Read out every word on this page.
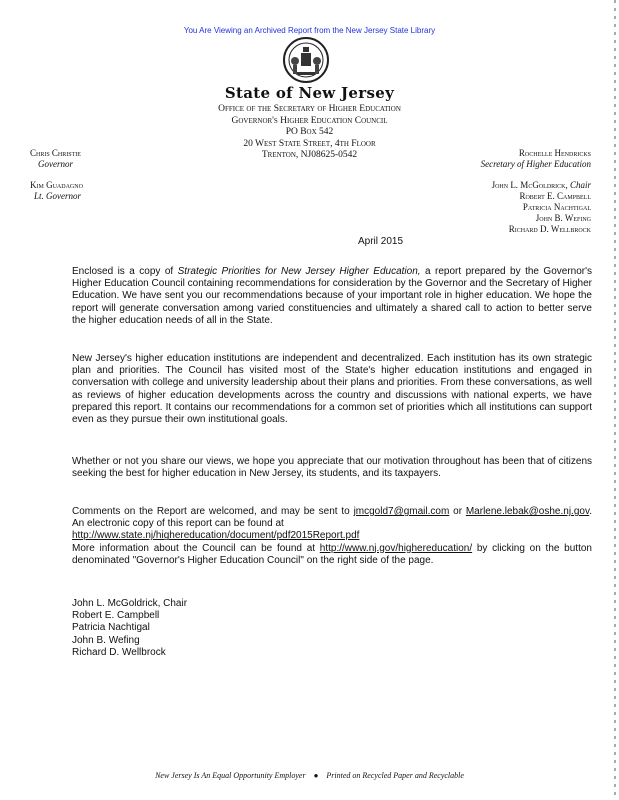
You Are Viewing an Archived Report from the New Jersey State Library
State of New Jersey
Office of the Secretary of Higher Education
Governor's Higher Education Council
PO Box 542
20 West State Street, 4th Floor
Trenton, NJ08625-0542
Chris Christie
Governor
Kim Guadagno
Lt. Governor
Rochelle Hendricks
Secretary of Higher Education
John L. McGoldrick, Chair
Robert E. Campbell
Patricia Nachtigal
John B. Wefing
Richard D. Wellbrock
April 2015
Enclosed is a copy of Strategic Priorities for New Jersey Higher Education, a report prepared by the Governor's Higher Education Council containing recommendations for consideration by the Governor and the Secretary of Higher Education. We have sent you our recommendations because of your important role in higher education. We hope the report will generate conversation among varied constituencies and ultimately a shared call to action to better serve the higher education needs of all in the State.
New Jersey's higher education institutions are independent and decentralized. Each institution has its own strategic plan and priorities. The Council has visited most of the State's higher education institutions and engaged in conversation with college and university leadership about their plans and priorities. From these conversations, as well as reviews of higher education developments across the country and discussions with national experts, we have prepared this report. It contains our recommendations for a common set of priorities which all institutions can support even as they pursue their own institutional goals.
Whether or not you share our views, we hope you appreciate that our motivation throughout has been that of citizens seeking the best for higher education in New Jersey, its students, and its taxpayers.
Comments on the Report are welcomed, and may be sent to jmcgold7@gmail.com or Marlene.lebak@oshe.nj.gov. An electronic copy of this report can be found at
http://www.state.nj/highereducation/document/pdf2015Report.pdf
More information about the Council can be found at http://www.nj.gov/highereducation/ by clicking on the button denominated "Governor's Higher Education Council" on the right side of the page.
John L. McGoldrick, Chair
Robert E. Campbell
Patricia Nachtigal
John B. Wefing
Richard D. Wellbrock
New Jersey Is An Equal Opportunity Employer ● Printed on Recycled Paper and Recyclable
